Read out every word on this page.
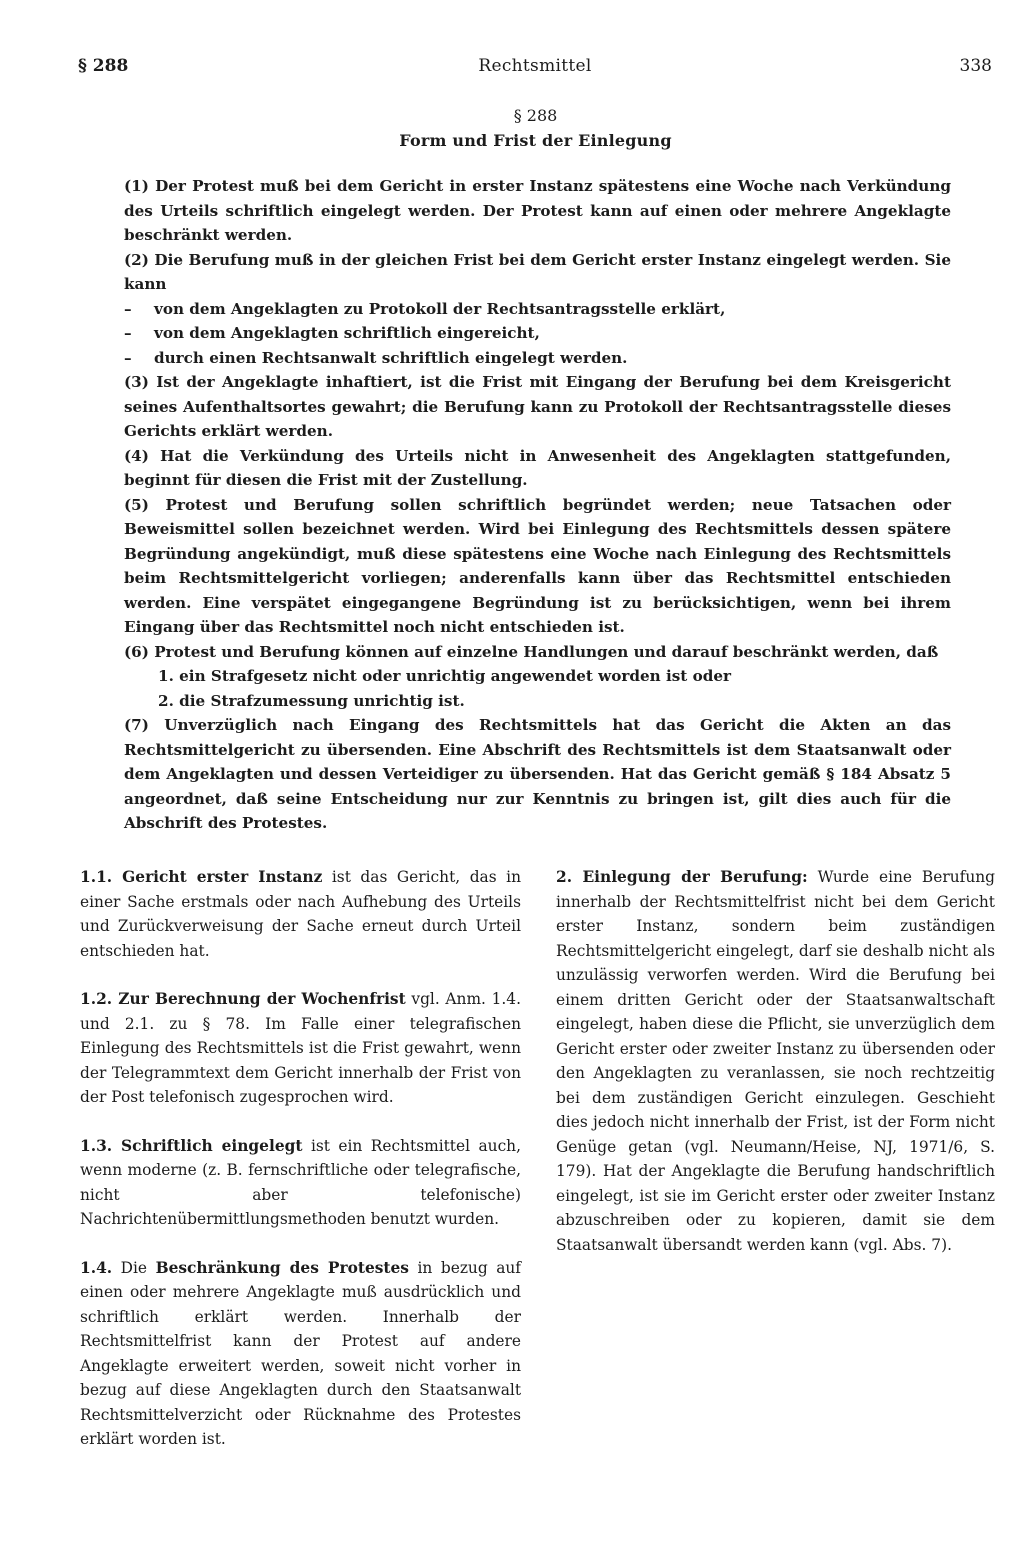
§ 288	Rechtsmittel	338
§ 288
Form und Frist der Einlegung

(1) Der Protest muß bei dem Gericht in erster Instanz spätestens eine Woche nach Verkündung des Urteils schriftlich eingelegt werden. Der Protest kann auf einen oder mehrere Angeklagte beschränkt werden.

(2) Die Berufung muß in der gleichen Frist bei dem Gericht erster Instanz eingelegt werden. Sie kann

– von dem Angeklagten zu Protokoll der Rechtsantragsstelle erklärt,

– von dem Angeklagten schriftlich eingereicht,

– durch einen Rechtsanwalt schriftlich eingelegt werden.

(3) Ist der Angeklagte inhaftiert, ist die Frist mit Eingang der Berufung bei dem Kreisgericht seines Aufenthaltsortes gewahrt; die Berufung kann zu Protokoll der Rechtsantragsstelle dieses Gerichts erklärt werden.

(4) Hat die Verkündung des Urteils nicht in Anwesenheit des Angeklagten stattgefunden, beginnt für diesen die Frist mit der Zustellung.

(5) Protest und Berufung sollen schriftlich begründet werden; neue Tatsachen oder Beweismittel sollen bezeichnet werden. Wird bei Einlegung des Rechtsmittels dessen spätere Begründung angekündigt, muß diese spätestens eine Woche nach Einlegung des Rechtsmittels beim Rechtsmittelgericht vorliegen; anderenfalls kann über das Rechtsmittel entschieden werden. Eine verspätet eingegangene Begründung ist zu berücksichtigen, wenn bei ihrem Eingang über das Rechtsmittel noch nicht entschieden ist.

(6) Protest und Berufung können auf einzelne Handlungen und darauf beschränkt werden, daß

1. ein Strafgesetz nicht oder unrichtig angewendet worden ist oder

2. die Strafzumessung unrichtig ist.

(7) Unverzüglich nach Eingang des Rechtsmittels hat das Gericht die Akten an das Rechtsmittelgericht zu übersenden. Eine Abschrift des Rechtsmittels ist dem Staatsanwalt oder dem Angeklagten und dessen Verteidiger zu übersenden. Hat das Gericht gemäß § 184 Absatz 5 angeordnet, daß seine Entscheidung nur zur Kenntnis zu bringen ist, gilt dies auch für die Abschrift des Protestes.

1.1. Gericht erster Instanz ist das Gericht, das in einer Sache erstmals oder nach Aufhebung des Urteils und Zurückverweisung der Sache erneut durch Urteil entschieden hat.

1.2. Zur Berechnung der Wochenfrist vgl. Anm. 1.4. und 2.1. zu § 78. Im Falle einer telegrafischen Einlegung des Rechtsmittels ist die Frist gewahrt, wenn der Telegrammtext dem Gericht innerhalb der Frist von der Post telefonisch zugesprochen wird.

1.3. Schriftlich eingelegt ist ein Rechtsmittel auch, wenn moderne (z. B. fernschriftliche oder telegrafische, nicht aber telefonische) Nachrichtenübermittlungsmethoden benutzt wurden.

1.4. Die Beschränkung des Protestes in bezug auf einen oder mehrere Angeklagte muß ausdrücklich und schriftlich erklärt werden. Innerhalb der Rechtsmittelfrist kann der Protest auf andere Angeklagte erweitert werden, soweit nicht vorher in bezug auf diese Angeklagten durch den Staatsanwalt Rechtsmittelverzicht oder Rücknahme des Protestes erklärt worden ist.

2. Einlegung der Berufung: Wurde eine Berufung innerhalb der Rechtsmittelfrist nicht bei dem Gericht erster Instanz, sondern beim zuständigen Rechtsmittelgericht eingelegt, darf sie deshalb nicht als unzulässig verworfen werden. Wird die Berufung bei einem dritten Gericht oder der Staatsanwaltschaft eingelegt, haben diese die Pflicht, sie unverzüglich dem Gericht erster oder zweiter Instanz zu übersenden oder den Angeklagten zu veranlassen, sie noch rechtzeitig bei dem zuständigen Gericht einzulegen. Geschieht dies jedoch nicht innerhalb der Frist, ist der Form nicht Genüge getan (vgl. Neumann/Heise, NJ, 1971/6, S. 179). Hat der Angeklagte die Berufung handschriftlich eingelegt, ist sie im Gericht erster oder zweiter Instanz abzuschreiben oder zu kopieren, damit sie dem Staatsanwalt übersandt werden kann (vgl. Abs. 7).
